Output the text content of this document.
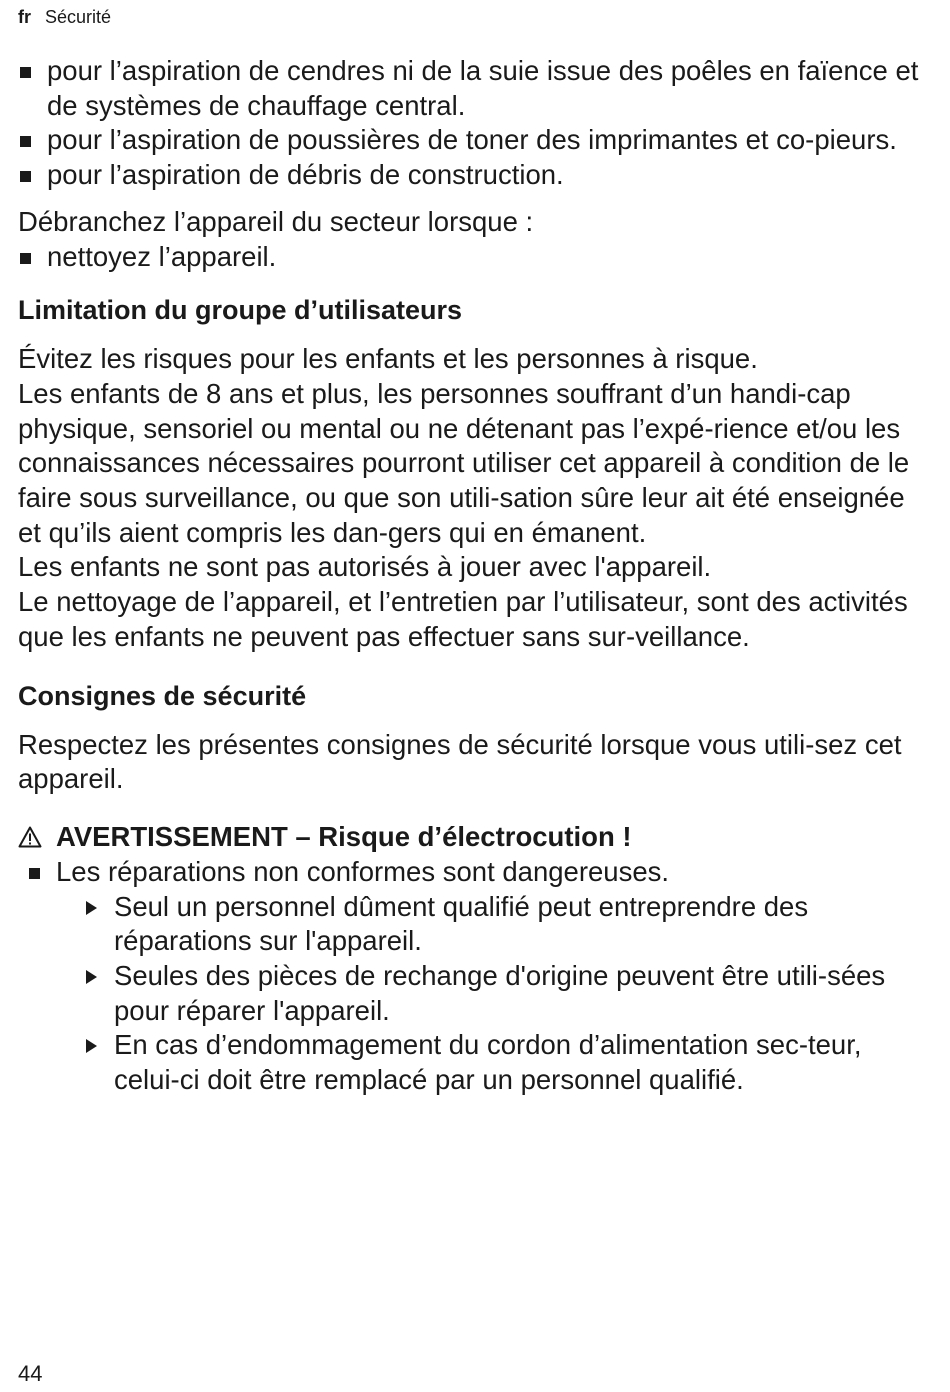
fr Sécurité
pour l’aspiration de cendres ni de la suie issue des poêles en faïence et de systèmes de chauffage central.
pour l’aspiration de poussières de toner des imprimantes et co-pieurs.
pour l’aspiration de débris de construction.
Débranchez l’appareil du secteur lorsque :
nettoyez l’appareil.
Limitation du groupe d’utilisateurs

Évitez les risques pour les enfants et les personnes à risque.

Les enfants de 8 ans et plus, les personnes souffrant d’un handi-cap physique, sensoriel ou mental ou ne détenant pas l’expé-rience et/ou les connaissances nécessaires pourront utiliser cet appareil à condition de le faire sous surveillance, ou que son utili-sation sûre leur ait été enseignée et qu’ils aient compris les dan-gers qui en émanent.

Les enfants ne sont pas autorisés à jouer avec l'appareil.

Le nettoyage de l’appareil, et l’entretien par l’utilisateur, sont des activités que les enfants ne peuvent pas effectuer sans sur-veillance.

Consignes de sécurité
Respectez les présentes consignes de sécurité lorsque vous utili-sez cet appareil.
AVERTISSEMENT – Risque d’électrocution !
Les réparations non conformes sont dangereuses.
Seul un personnel dûment qualifié peut entreprendre des réparations sur l'appareil.
Seules des pièces de rechange d'origine peuvent être utili-sées pour réparer l'appareil.
En cas d’endommagement du cordon d’alimentation sec-teur, celui-ci doit être remplacé par un personnel qualifié.
44
